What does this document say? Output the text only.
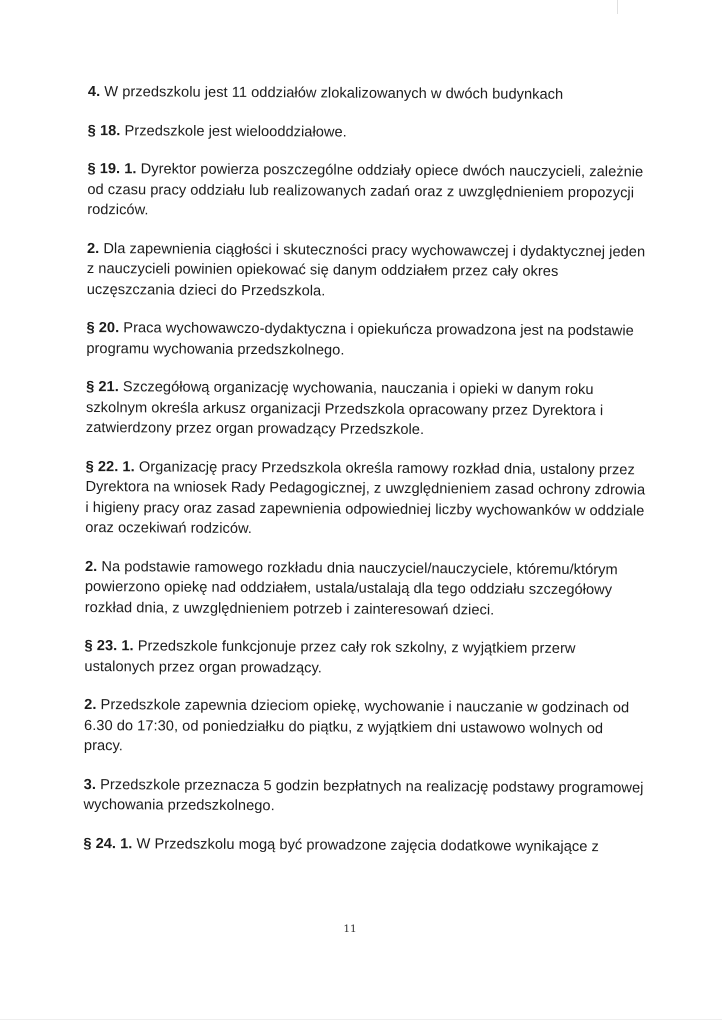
4. W przedszkolu jest 11 oddziałów zlokalizowanych w dwóch budynkach

§ 18. Przedszkole jest wielooddziałowe.

§ 19. 1. Dyrektor powierza poszczególne oddziały opiece dwóch nauczycieli, zależnie od czasu pracy oddziału lub realizowanych zadań oraz z uwzględnieniem propozycji rodziców.

2. Dla zapewnienia ciągłości i skuteczności pracy wychowawczej i dydaktycznej jeden z nauczycieli powinien opiekować się danym oddziałem przez cały okres uczęszczania dzieci do Przedszkola.

§ 20. Praca wychowawczo-dydaktyczna i opiekuńcza prowadzona jest na podstawie programu wychowania przedszkolnego.

§ 21. Szczegółową organizację wychowania, nauczania i opieki w danym roku szkolnym określa arkusz organizacji Przedszkola opracowany przez Dyrektora i zatwierdzony przez organ prowadzący Przedszkole.

§ 22. 1. Organizację pracy Przedszkola określa ramowy rozkład dnia, ustalony przez Dyrektora na wniosek Rady Pedagogicznej, z uwzględnieniem zasad ochrony zdrowia i higieny pracy oraz zasad zapewnienia odpowiedniej liczby wychowanków w oddziale oraz oczekiwań rodziców.

2. Na podstawie ramowego rozkładu dnia nauczyciel/nauczyciele, któremu/którym powierzono opiekę nad oddziałem, ustala/ustalają dla tego oddziału szczegółowy rozkład dnia, z uwzględnieniem potrzeb i zainteresowań dzieci.

§ 23. 1. Przedszkole funkcjonuje przez cały rok szkolny, z wyjątkiem przerw ustalonych przez organ prowadzący.

2. Przedszkole zapewnia dzieciom opiekę, wychowanie i nauczanie w godzinach od 6.30 do 17:30, od poniedziałku do piątku, z wyjątkiem dni ustawowo wolnych od pracy.

3. Przedszkole przeznacza 5 godzin bezpłatnych na realizację podstawy programowej wychowania przedszkolnego.

§ 24. 1. W Przedszkolu mogą być prowadzone zajęcia dodatkowe wynikające z

11
